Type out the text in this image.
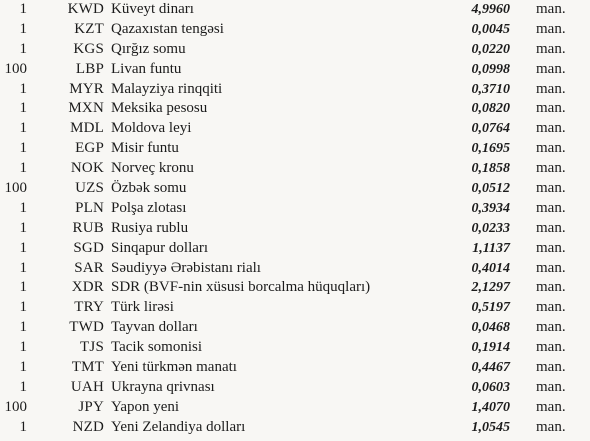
1	KWD Küveyt dinarı	4,9960 man.
1	KZT Qazaxıstan tengəsi	0,0045 man.
1	KGS Qırğız somu	0,0220 man.
100	LBP Livan funtu	0,0998 man.
1	MYR Malayziya rinqqiti	0,3710 man.
1	MXN Meksika pesosu	0,0820 man.
1	MDL Moldova leyi	0,0764 man.
1	EGP Misir funtu	0,1695 man.
1	NOK Norveç kronu	0,1858 man.
100	UZS Özbək somu	0,0512 man.
1	PLN Polşa zlotası	0,3934 man.
1	RUB Rusiya rublu	0,0233 man.
1	SGD Sinqapur dolları	1,1137 man.
1	SAR Səudiyyə Ərəbistanı rialı	0,4014 man.
1	XDR SDR (BVF-nin xüsusi borcalma hüquqları)	2,1297 man.
1	TRY Türk lirəsi	0,5197 man.
1	TWD Tayvan dolları	0,0468 man.
1	TJS Tacik somonisi	0,1914 man.
1	TMT Yeni türkmən manatı	0,4467 man.
1	UAH Ukrayna qrivnası	0,0603 man.
100	JPY Yapon yeni	1,4070 man.
1	NZD Yeni Zelandiya dolları	1,0545 man.
